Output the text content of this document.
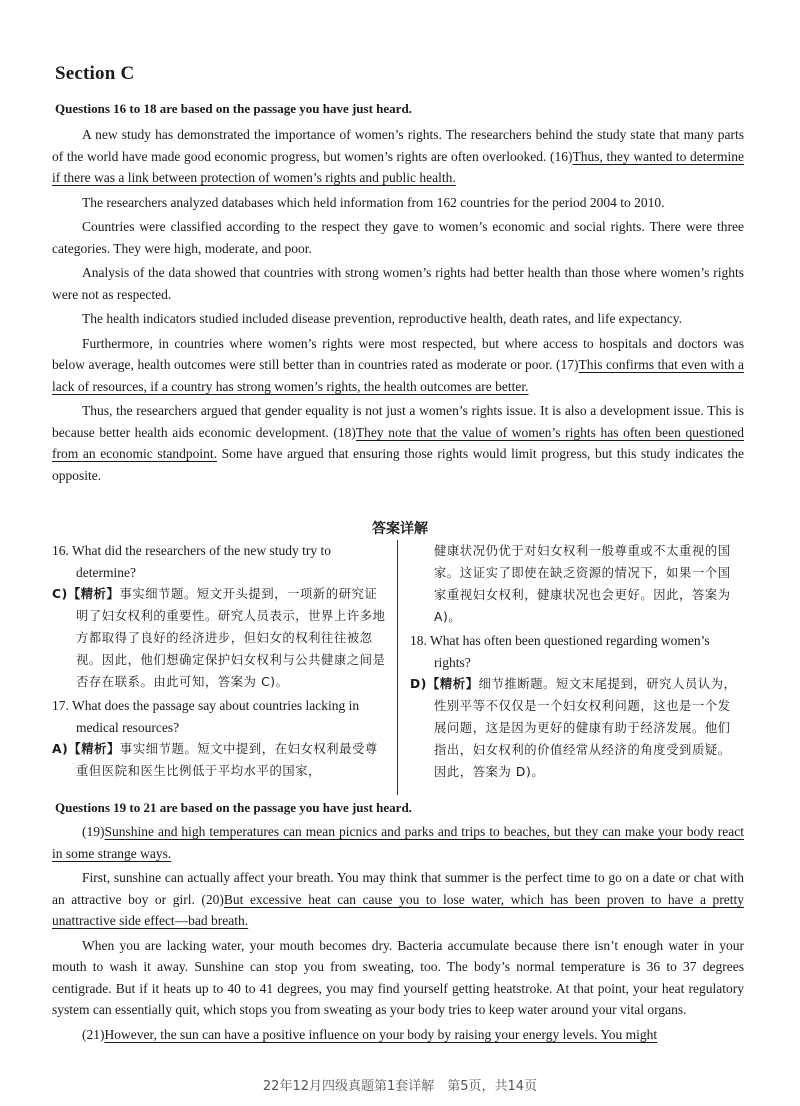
Section C
Questions 16 to 18 are based on the passage you have just heard.

A new study has demonstrated the importance of women’s rights. The researchers behind the study state that many parts of the world have made good economic progress, but women’s rights are often overlooked. (16)Thus, they wanted to determine if there was a link between protection of women’s rights and public health.

The researchers analyzed databases which held information from 162 countries for the period 2004 to 2010.

Countries were classified according to the respect they gave to women’s economic and social rights. There were three categories. They were high, moderate, and poor.

Analysis of the data showed that countries with strong women’s rights had better health than those where women’s rights were not as respected.

The health indicators studied included disease prevention, reproductive health, death rates, and life expectancy.

Furthermore, in countries where women’s rights were most respected, but where access to hospitals and doctors was below average, health outcomes were still better than in countries rated as moderate or poor. (17)This confirms that even with a lack of resources, if a country has strong women’s rights, the health outcomes are better.

Thus, the researchers argued that gender equality is not just a women’s rights issue. It is also a development issue. This is because better health aids economic development. (18)They note that the value of women’s rights has often been questioned from an economic standpoint. Some have argued that ensuring those rights would limit progress, but this study indicates the opposite.

答案详解

16. What did the researchers of the new study try to determine?

C)【精析】事实细节题。短文开头提到，一项新的研究证明了妇女权利的重要性。研究人员表示，世界上许多地方都取得了良好的经济进步，但妇女的权利往往被忽视。因此，他们想确定保护妇女权利与公共健康之间是否存在联系。由此可知，答案为 C)。

17. What does the passage say about countries lacking in medical resources?

A)【精析】事实细节题。短文中提到，在妇女权利最受尊重但医院和医生比例低于平均水平的国家，

健康状况仍优于对妇女权利一般尊重或不太重视的国家。这证实了即使在缺乏资源的情况下，如果一个国家重视妇女权利，健康状况也会更好。因此，答案为 A)。

18. What has often been questioned regarding women’s rights?

D)【精析】细节推断题。短文末尾提到，研究人员认为，性别平等不仅仅是一个妇女权利问题，这也是一个发展问题，这是因为更好的健康有助于经济发展。他们指出，妇女权利的价值经常从经济的角度受到质疑。因此，答案为 D)。

Questions 19 to 21 are based on the passage you have just heard.

(19)Sunshine and high temperatures can mean picnics and parks and trips to beaches, but they can make your body react in some strange ways.

First, sunshine can actually affect your breath. You may think that summer is the perfect time to go on a date or chat with an attractive boy or girl. (20)But excessive heat can cause you to lose water, which has been proven to have a pretty unattractive side effect—bad breath.

When you are lacking water, your mouth becomes dry. Bacteria accumulate because there isn’t enough water in your mouth to wash it away. Sunshine can stop you from sweating, too. The body’s normal temperature is 36 to 37 degrees centigrade. But if it heats up to 40 to 41 degrees, you may find yourself getting heatstroke. At that point, your heat regulatory system can essentially quit, which stops you from sweating as your body tries to keep water around your vital organs.

(21)However, the sun can have a positive influence on your body by raising your energy levels. You might

22年12月四级真题第1套详解　第5页，共14页
